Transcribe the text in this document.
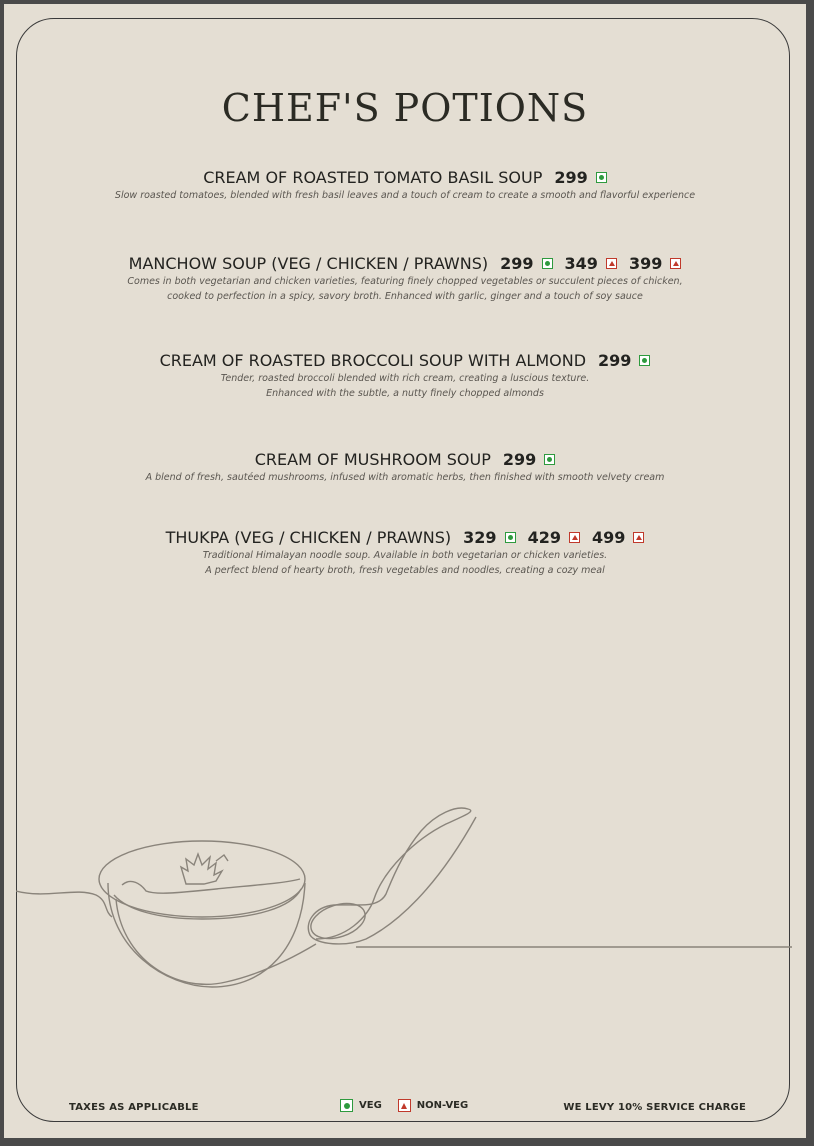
CHEF'S POTIONS
CREAM OF ROASTED TOMATO BASIL SOUP 299
Slow roasted tomatoes, blended with fresh basil leaves and a touch of cream to create a smooth and flavorful experience
MANCHOW SOUP (VEG / CHICKEN / PRAWNS) 299 349 399
Comes in both vegetarian and chicken varieties, featuring finely chopped vegetables or succulent pieces of chicken,
cooked to perfection in a spicy, savory broth. Enhanced with garlic, ginger and a touch of soy sauce
CREAM OF ROASTED BROCCOLI SOUP WITH ALMOND 299
Tender, roasted broccoli blended with rich cream, creating a luscious texture.
Enhanced with the subtle, a nutty finely chopped almonds
CREAM OF MUSHROOM SOUP 299
A blend of fresh, sautéed mushrooms, infused with aromatic herbs, then finished with smooth velvety cream
THUKPA (VEG / CHICKEN / PRAWNS) 329 429 499
Traditional Himalayan noodle soup. Available in both vegetarian or chicken varieties.
A perfect blend of hearty broth, fresh vegetables and noodles, creating a cozy meal
TAXES AS APPLICABLE	VEG	NON-VEG	WE LEVY 10% SERVICE CHARGE
